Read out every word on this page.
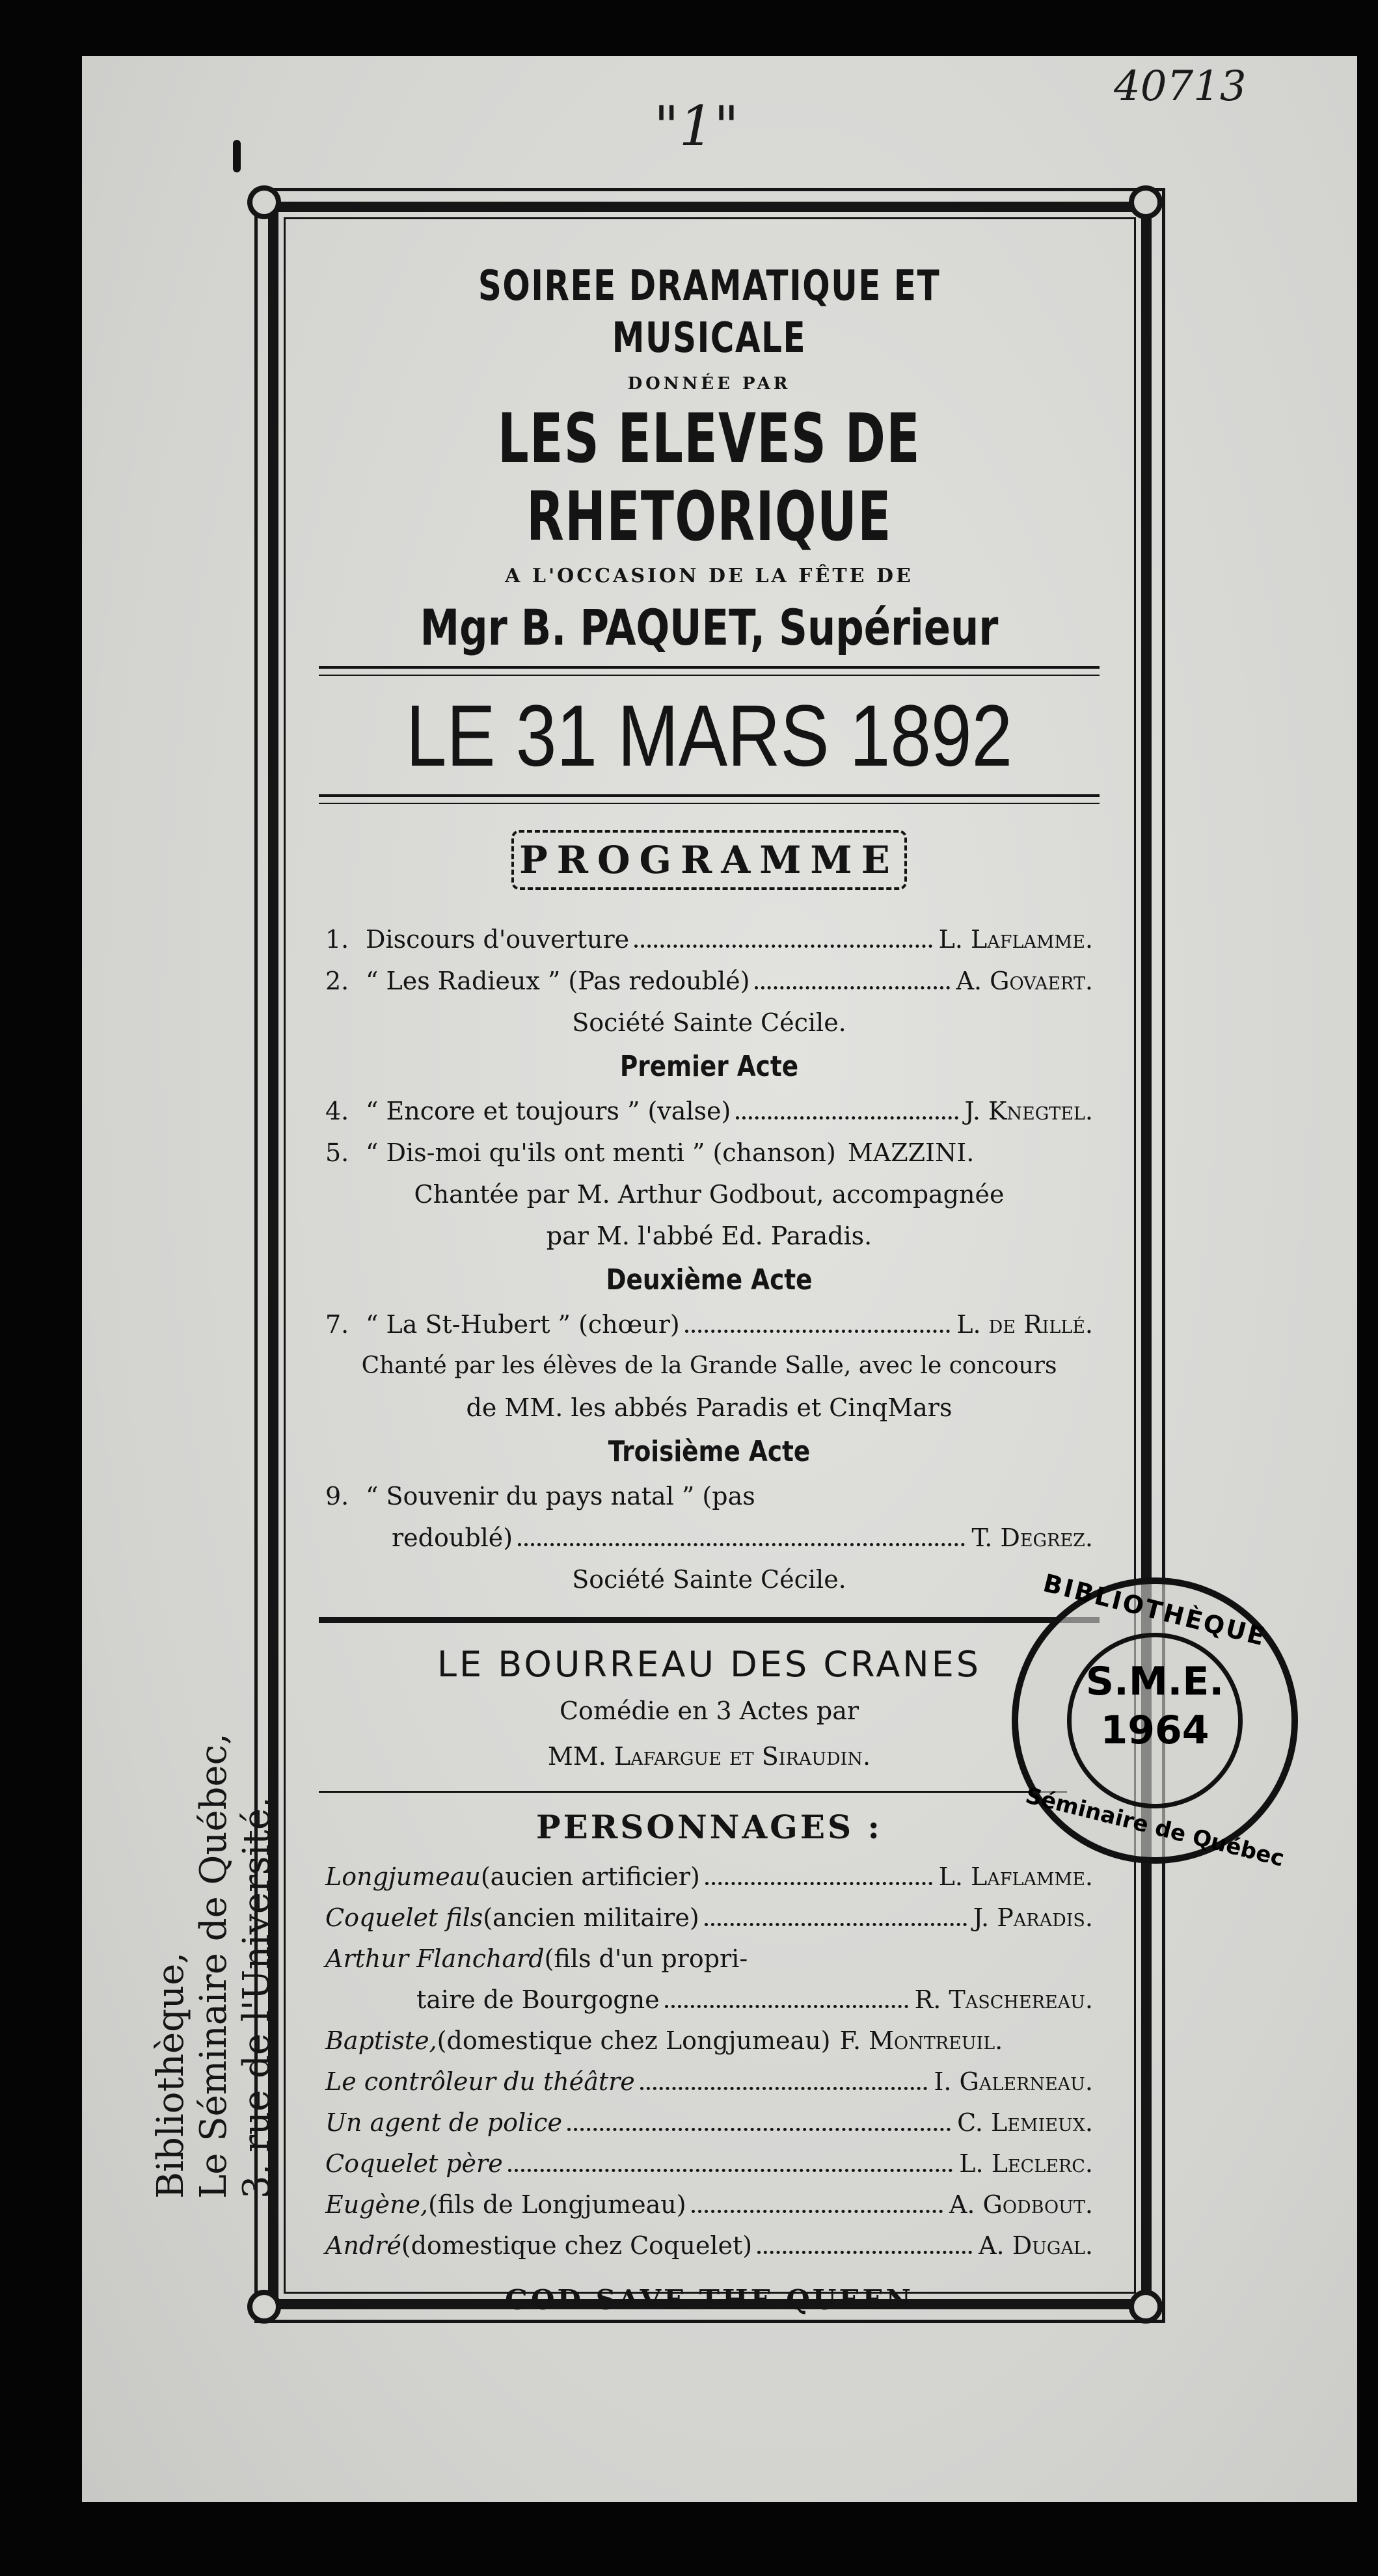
40713
"1"
SOIREE DRAMATIQUE ET MUSICALE
DONNÉE PAR
LES ELEVES DE RHETORIQUE
A L'OCCASION DE LA FÊTE DE
Mgr B. PAQUET, Supérieur
LE 31 MARS 1892
PROGRAMME
1. Discours d'ouverture	L. Laflamme.
2. “ Les Radieux ” (Pas redoublé)	A. Govaert.
Société Sainte Cécile.
Premier Acte
4. “ Encore et toujours ” (valse)	J. Knegtel.
5. “ Dis-moi qu'ils ont menti ” (chanson) MAZZINI.
Chantée par M. Arthur Godbout, accompagnée
par M. l'abbé Ed. Paradis.
Deuxième Acte
7. “ La St-Hubert ” (chœur)	L. de Rillé.
Chanté par les élèves de la Grande Salle, avec le concours
de MM. les abbés Paradis et CinqMars
Troisième Acte
9. “ Souvenir du pays natal ” (pas
redoublé)	T. Degrez.
Société Sainte Cécile.
LE BOURREAU DES CRANES
Comédie en 3 Actes par
MM. Lafargue et Siraudin.
PERSONNAGES :
Longjumeau (aucien artificier)	L. Laflamme.
Coquelet fils (ancien militaire)	J. Paradis.
Arthur Flanchard (fils d'un propri-
taire de Bourgogne	R. Taschereau.
Baptiste, (domestique chez Longjumeau) F. Montreuil.
Le contrôleur du théâtre	I. Galerneau.
Un agent de police	C. Lemieux.
Coquelet père	L. Leclerc.
Eugène, (fils de Longjumeau)	A. Godbout.
André (domestique chez Coquelet)	A. Dugal.
GOD SAVE THE QUEEN
Bibliothèque, Le Séminaire de Québec, 3, rue de l'Université,
BIBLIOTHÈQUE
S.M.E.
1964
Séminaire de Québec
